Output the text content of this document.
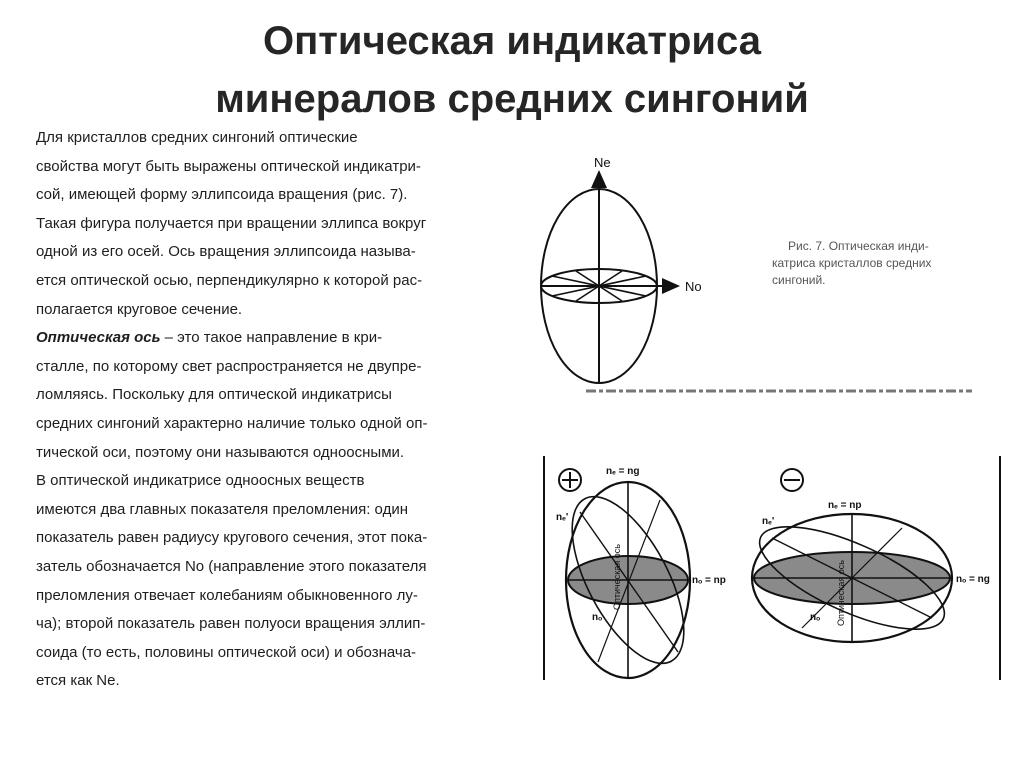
Оптическая индикатриса
минералов средних сингоний
Для кристаллов средних сингоний оптические
свойства могут быть выражены оптической индикатри-
сой, имеющей форму эллипсоида вращения (рис. 7).
Такая фигура получается при вращении эллипса вокруг
одной из его осей. Ось вращения эллипсоида называ-
ется оптической осью, перпендикулярно к которой рас-
полагается круговое сечение.
Оптическая ось – это такое направление в кри-
сталле, по которому свет распространяется не двупре-
ломляясь. Поскольку для оптической индикатрисы
средних сингоний характерно наличие только одной оп-
тической оси, поэтому они называются одноосными.
В оптической индикатрисе одноосных веществ
имеются два главных показателя преломления: один
показатель равен радиусу кругового сечения, этот пока-
затель обозначается No (направление этого показателя
преломления отвечает колебаниям обыкновенного лу-
ча); второй показатель равен полуоси вращения эллип-
соида (то есть, половины оптической оси) и обознача-
ется как Ne.
Ne
No
Рис. 7. Оптическая инди-
катриса кристаллов средних
сингоний.
nₑ = ng
nₑ'
Оптическая ось	nₒ = np
nₒ
nₑ = np
nₑ'
Оптическая ось	nₒ = ng
nₒ
